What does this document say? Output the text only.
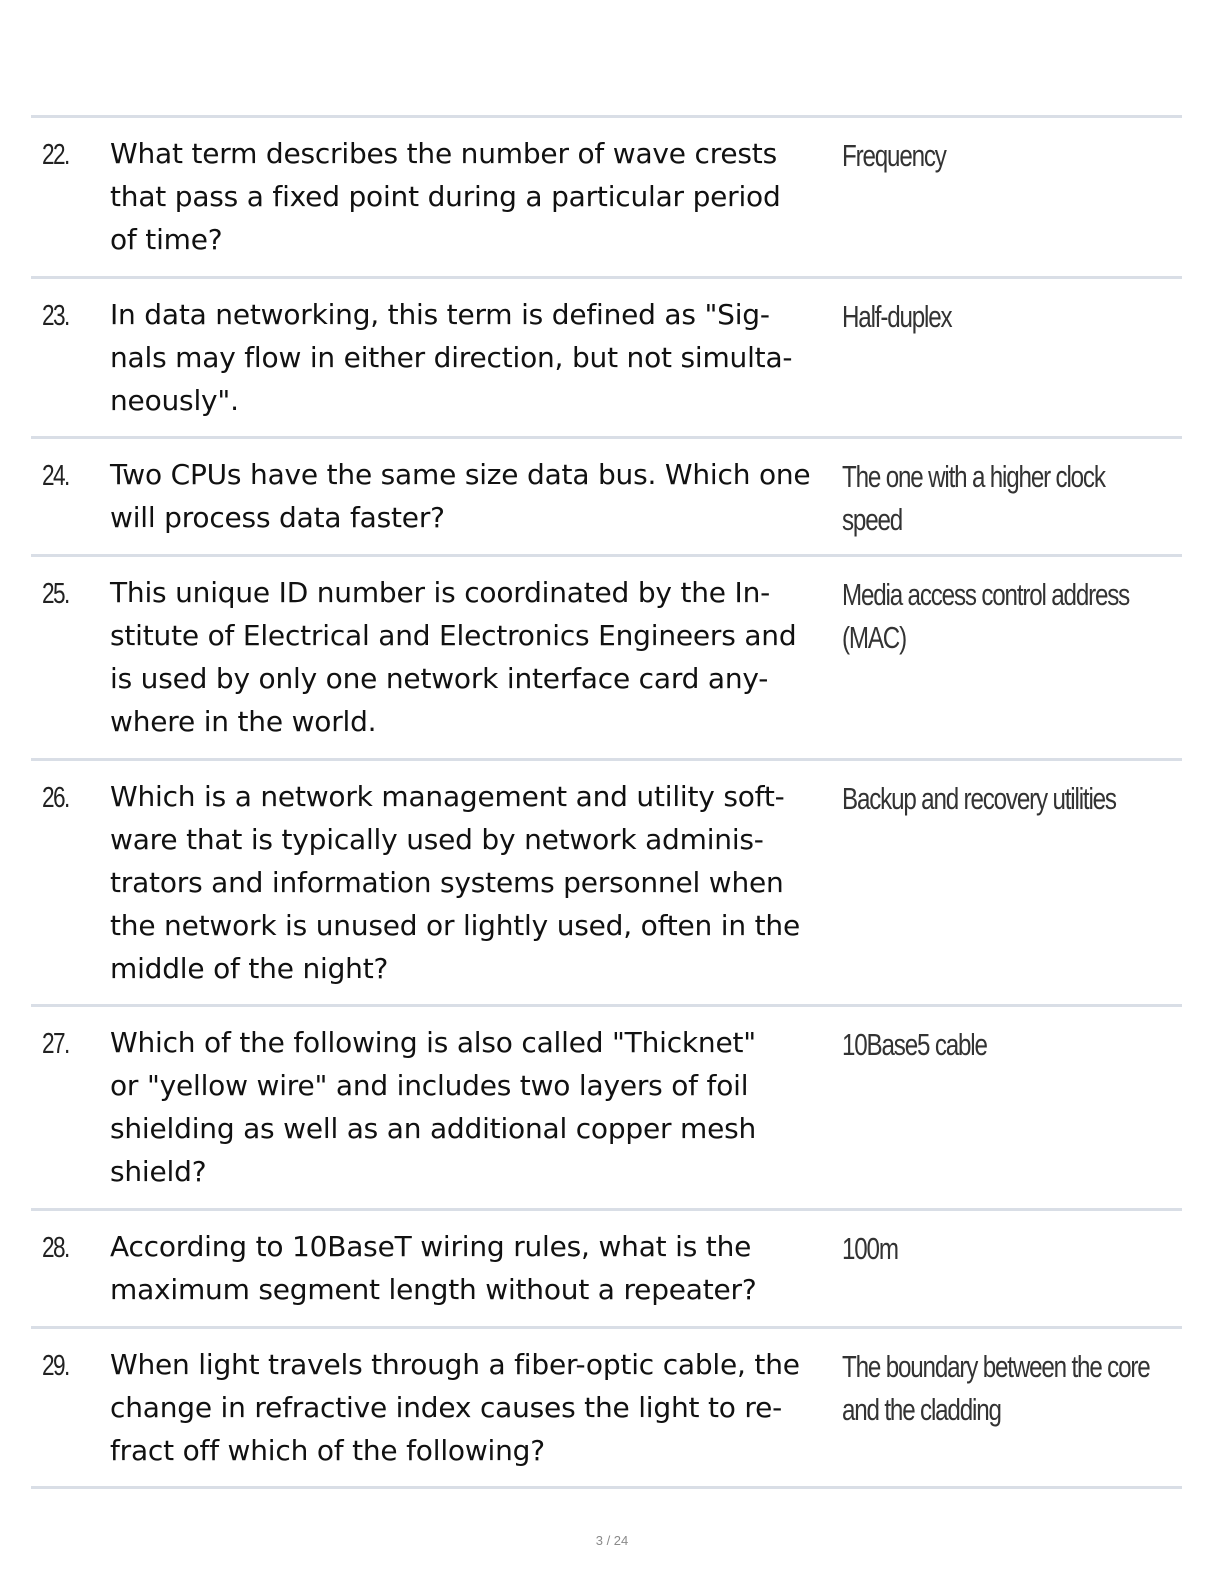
22. What term describes the number of wave crests
that pass a fixed point during a particular period
of time?
Frequency
23. In data networking, this term is defined as "Sig-
nals may flow in either direction, but not simulta-
neously".
Half-duplex
24. Two CPUs have the same size data bus. Which one
will process data faster?
The one with a higher clock
speed
25. This unique ID number is coordinated by the In-
stitute of Electrical and Electronics Engineers and
is used by only one network interface card any-
where in the world.
Media access control address
(MAC)
26. Which is a network management and utility soft-
ware that is typically used by network adminis-
trators and information systems personnel when
the network is unused or lightly used, often in the
middle of the night?
Backup and recovery utilities
27. Which of the following is also called "Thicknet"
or "yellow wire" and includes two layers of foil
shielding as well as an additional copper mesh
shield?
10Base5 cable
28. According to 10BaseT wiring rules, what is the
maximum segment length without a repeater?
100m
29. When light travels through a fiber-optic cable, the
change in refractive index causes the light to re-
fract off which of the following?
The boundary between the core
and the cladding
3 / 24
